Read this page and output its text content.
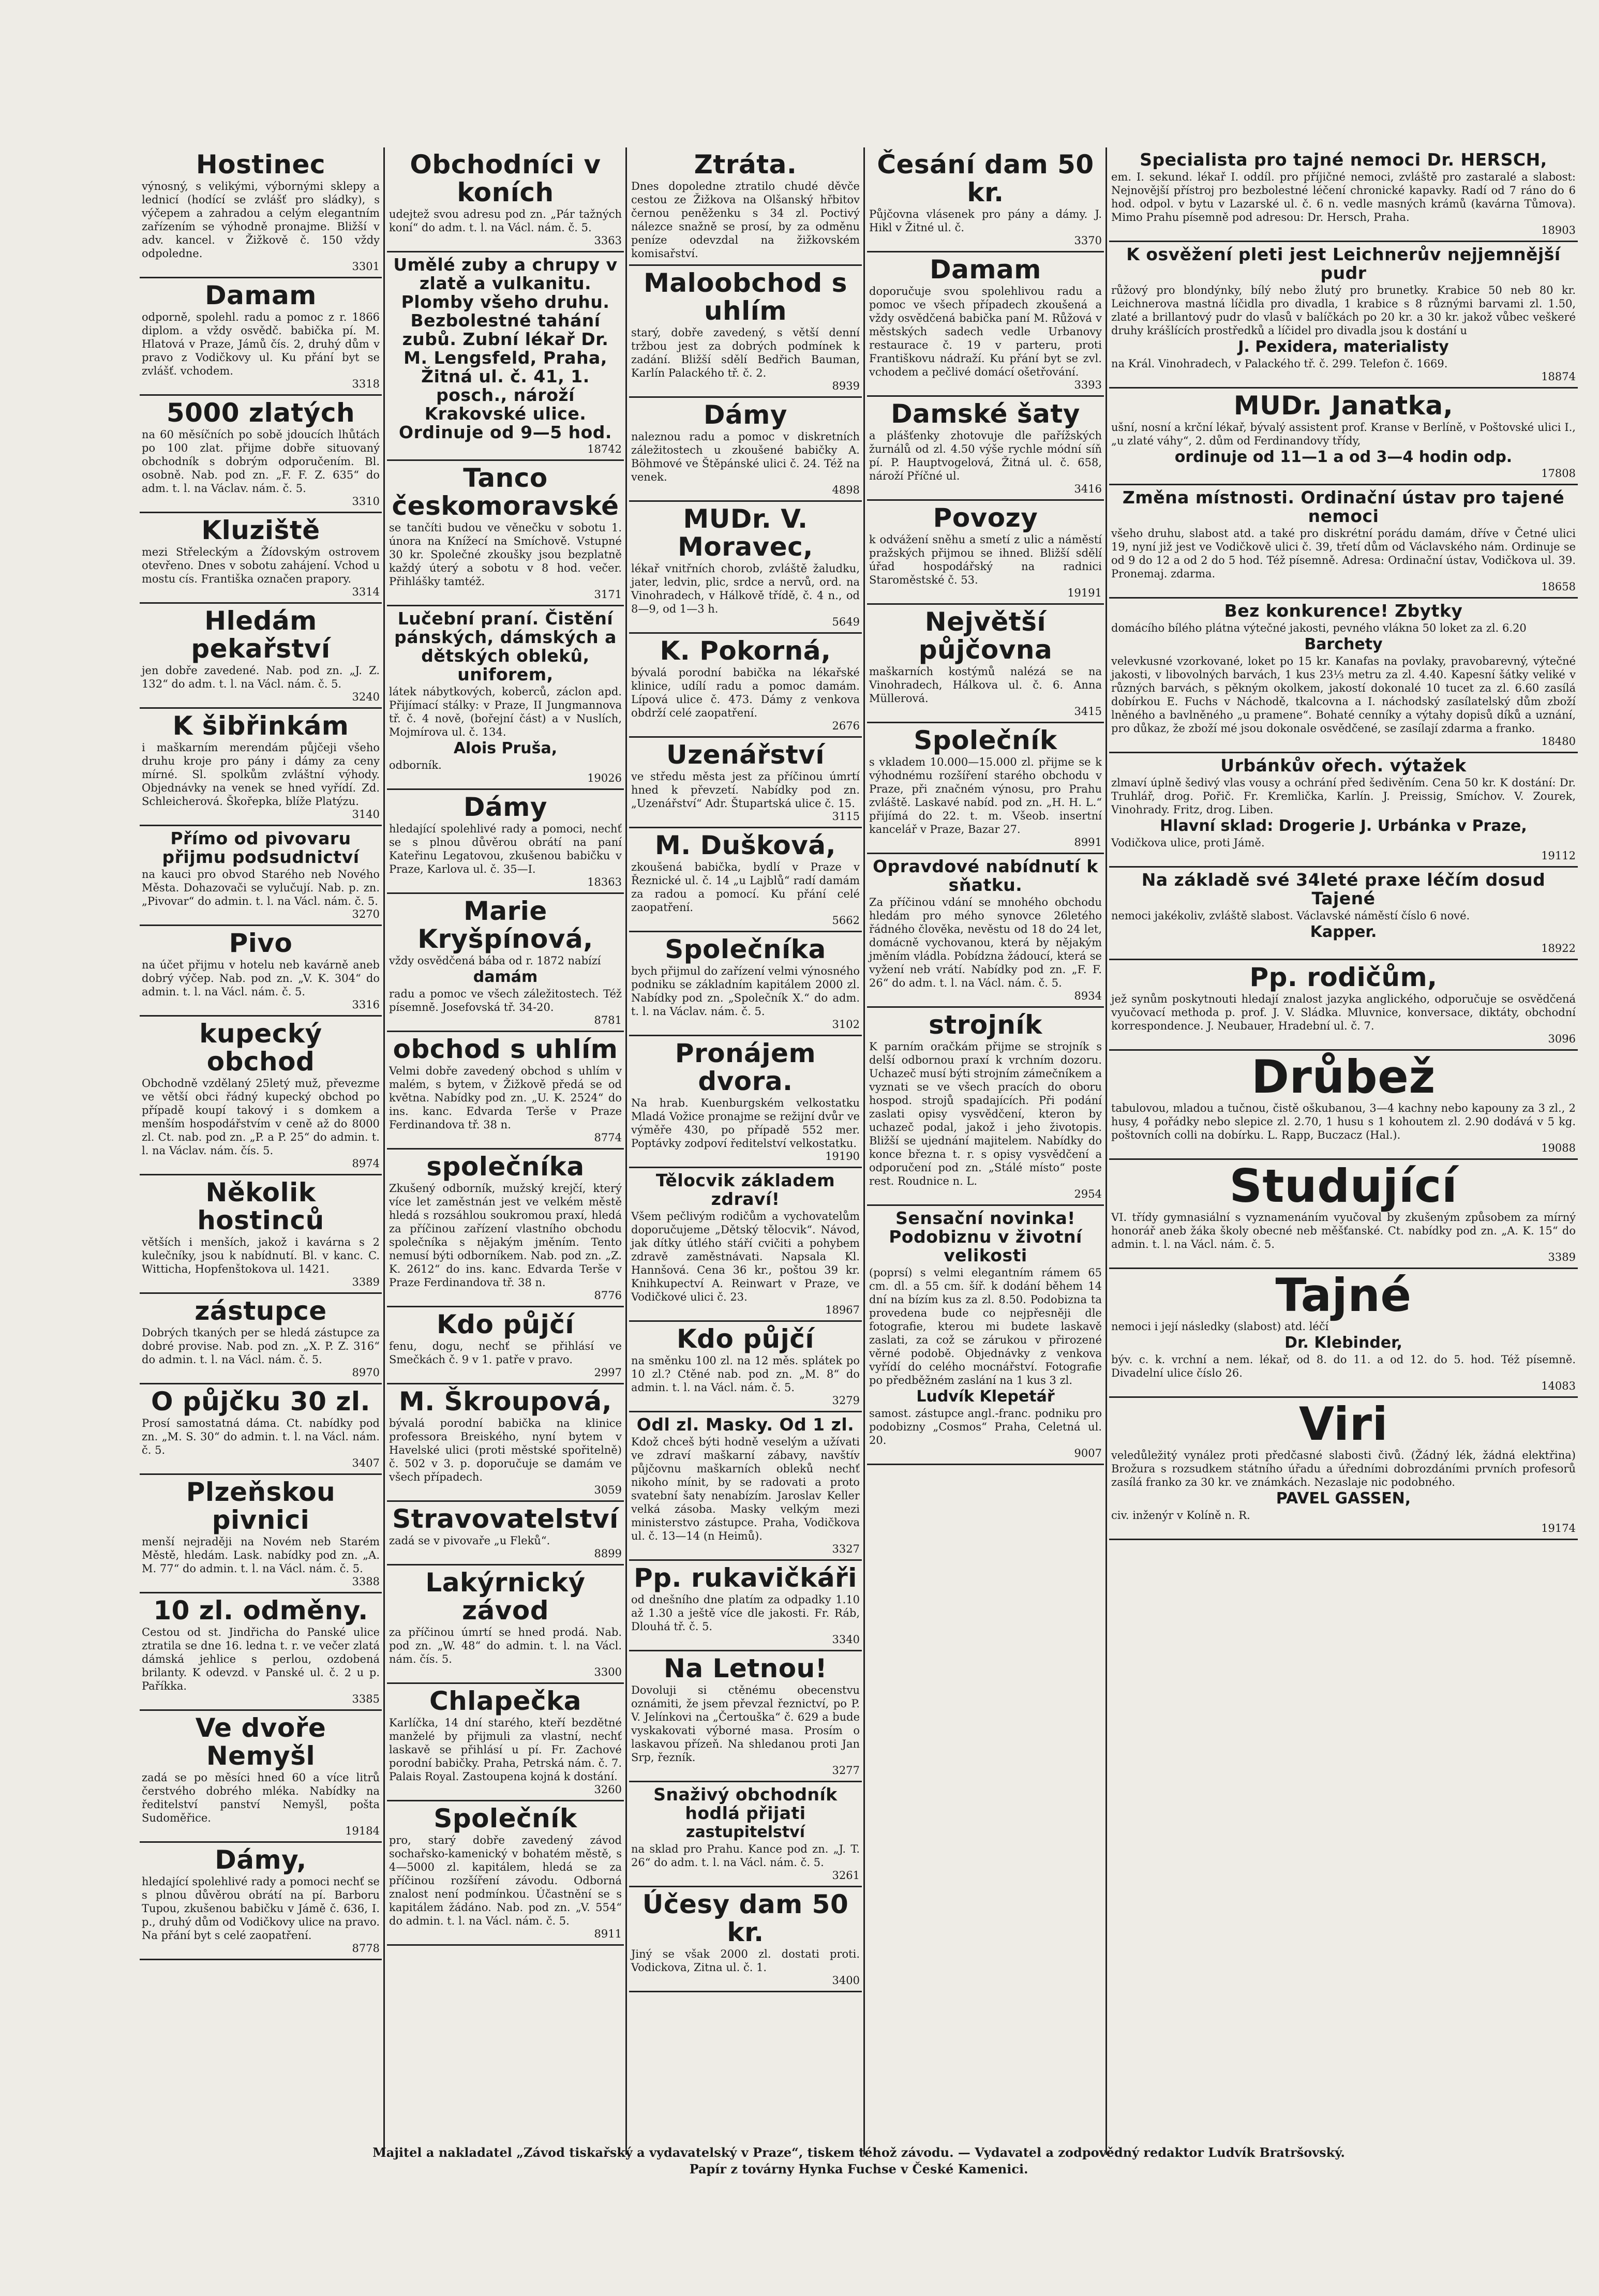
Hostinec

výnosný, s velikými, výbornými sklepy a lednicí (hodící se zvlášť pro sládky), s výčepem a zahradou a celým elegantním zařízením se výhodně pronajme. Bližší v adv. kancel. v Žižkově č. 150 vždy odpoledne.

3301
Damam

odporně, spolehl. radu a pomoc z r. 1866 diplom. a vždy osvědč. babička pí. M. Hlatová v Praze, Jámů čís. 2, druhý dům v pravo z Vodičkovy ul. Ku přání byt se zvlášť. vchodem.

3318
5000 zlatých

na 60 měsíčních po sobě jdoucích lhůtách po 100 zlat. přijme dobře situovaný obchodník s dobrým odporučením. Bl. osobně. Nab. pod zn. „F. F. Z. 635“ do adm. t. l. na Václav. nám. č. 5.

3310
Kluziště

mezi Střeleckým a Žídovským ostrovem otevřeno. Dnes v sobotu zahájení. Vchod u mostu cís. Františka označen prapory.

3314
Hledám pekařství

jen dobře zavedené. Nab. pod zn. „J. Z. 132“ do adm. t. l. na Václ. nám. č. 5.

3240
K šibřinkám

i maškarním merendám půjčeji všeho druhu kroje pro pány i dámy za ceny mírné. Sl. spolkům zvláštní výhody. Objednávky na venek se hned vyřídí. Zd. Schleicherová. Škořepka, blíže Platýzu.

3140
Přímo od pivovaru přijmu podsudnictví

na kauci pro obvod Starého neb Nového Města. Dohazovači se vylučují. Nab. p. zn. „Pivovar“ do admin. t. l. na Václ. nám. č. 5.

3270
Pivo

na účet přijmu v hotelu neb kavárně aneb dobrý výčep. Nab. pod zn. „V. K. 304“ do admin. t. l. na Václ. nám. č. 5.

3316
kupecký obchod

Obchodně vzdělaný 25letý muž, převezme ve větší obci řádný kupecký obchod po případě koupí takový i s domkem a menším hospodářstvím v ceně až do 8000 zl. Ct. nab. pod zn. „P. a P. 25“ do admin. t. l. na Václav. nám. čís. 5.

8974
Několik hostinců

větších i menších, jakož i kavárna s 2 kulečníky, jsou k nabídnutí. Bl. v kanc. C. Witticha, Hopfenštokova ul. 1421.

3389
zástupce

Dobrých tkaných per se hledá zástupce za dobré provise. Nab. pod zn. „X. P. Z. 316“ do admin. t. l. na Václ. nám. č. 5.

8970
O půjčku 30 zl.

Prosí samostatná dáma. Ct. nabídky pod zn. „M. S. 30“ do admin. t. l. na Václ. nám. č. 5.

3407
Plzeňskou pivnici

menší nejraději na Novém neb Starém Městě, hledám. Lask. nabídky pod zn. „A. M. 77“ do admin. t. l. na Václ. nám. č. 5.

3388
10 zl. odměny.

Cestou od st. Jindřicha do Panské ulice ztratila se dne 16. ledna t. r. ve večer zlatá dámská jehlice s perlou, ozdobená brilanty. K odevzd. v Panské ul. č. 2 u p. Paříkka.

3385
Ve dvoře Nemyšl

zadá se po měsíci hned 60 a více litrů čerstvého dobrého mléka. Nabídky na ředitelství panství Nemyšl, pošta Sudoměřice.

19184
Dámy,

hledající spolehlivé rady a pomoci nechť se s plnou důvěrou obrátí na pí. Barboru Tupou, zkušenou babičku v Jámě č. 636, I. p., druhý dům od Vodičkovy ulice na pravo. Na přání byt s celé zaopatření.

8778
Obchodníci v koních

udejtež svou adresu pod zn. „Pár tažných koní“ do adm. t. l. na Václ. nám. č. 5.

3363
Umělé zuby a chrupy v zlatě a vulkanitu. Plomby všeho druhu. Bezbolestné tahání zubů. Zubní lékař Dr. M. Lengsfeld, Praha, Žitná ul. č. 41, 1. posch., nároží Krakovské ulice. Ordinuje od 9—5 hod.
18742
Tanco českomoravské

se tančíti budou ve věnečku v sobotu 1. února na Knížecí na Smíchově. Vstupné 30 kr. Společné zkoušky jsou bezplatně každý úterý a sobotu v 8 hod. večer. Přihlášky tamtéž.

3171
Lučební praní. Čistění pánských, dámských a dětských oblekû, uniforem,

látek nábytkových, koberců, záclon apd. Přijímací stálky: v Praze, II Jungmannova tř. č. 4 nově, (bořejní část) a v Nuslích, Mojmírova ul. č. 134.

Alois Pruša,

odborník.

19026
Dámy

hledající spolehlivé rady a pomoci, nechť se s plnou důvěrou obrátí na paní Kateřinu Legatovou, zkušenou babičku v Praze, Karlova ul. č. 35—I.

18363
Marie Kryšpínová,

vždy osvědčená bába od r. 1872 nabízí

damám

radu a pomoc ve všech záležitostech. Též písemně. Josefovská tř. 34-20.

8781
obchod s uhlím

Velmi dobře zavedený obchod s uhlím v malém, s bytem, v Žižkově předá se od května. Nabídky pod zn. „U. K. 2524“ do ins. kanc. Edvarda Terše v Praze Ferdinandova tř. 38 n.

8774
společníka

Zkušený odborník, mužský krejčí, který více let zaměstnán jest ve velkém městě hledá s rozsáhlou soukromou praxí, hledá za příčinou zařízení vlastního obchodu společníka s nějakým jměním. Tento nemusí býti odborníkem. Nab. pod zn. „Z. K. 2612“ do ins. kanc. Edvarda Terše v Praze Ferdinandova tř. 38 n.

8776
Kdo půjčí

fenu, dogu, nechť se přihlásí ve Smečkách č. 9 v 1. patře v pravo.

2997
M. Škroupová,

bývalá porodní babička na klinice professora Breiského, nyní bytem v Havelské ulici (proti městské spořitelně) č. 502 v 3. p. doporučuje se damám ve všech případech.

3059
Stravovatelství

zadá se v pivovaře „u Fleků“.

8899
Lakýrnický závod

za příčinou úmrtí se hned prodá. Nab. pod zn. „W. 48“ do admin. t. l. na Václ. nám. čís. 5.

3300
Chlapečka

Karlíčka, 14 dní starého, kteří bezdětné manželé by přijmuli za vlastní, nechť laskavě se přihlásí u pí. Fr. Zachové porodní babičky. Praha, Petrská nám. č. 7. Palais Royal. Zastoupena kojná k dostání.

3260
Společník

pro, starý dobře zavedený závod sochařsko-kamenický v bohatém městě, s 4—5000 zl. kapitálem, hledá se za příčinou rozšíření závodu. Odborná znalost není podmínkou. Účastnění se s kapitálem žádáno. Nab. pod zn. „V. 554“ do admin. t. l. na Václ. nám. č. 5.

8911
Ztráta.

Dnes dopoledne ztratilo chudé děvče cestou ze Žižkova na Olšanský hřbitov černou peněženku s 34 zl. Poctivý nálezce snažně se prosí, by za odměnu peníze odevzdal na žižkovském komisařství.

Maloobchod s uhlím

starý, dobře zavedený, s větší denní tržbou jest za dobrých podmínek k zadání. Bližší sdělí Bedřich Bauman, Karlín Palackého tř. č. 2.

8939
Dámy

naleznou radu a pomoc v diskretních záležitostech u zkoušené babičky A. Böhmové ve Štěpánské ulici č. 24. Též na venek.

4898
MUDr. V. Moravec,

lékař vnitřních chorob, zvláště žaludku, jater, ledvin, plic, srdce a nervů, ord. na Vinohradech, v Hálkově třídě, č. 4 n., od 8—9, od 1—3 h.

5649
K. Pokorná,

bývalá porodní babička na lékařské klinice, udílí radu a pomoc damám. Lípová ulice č. 473. Dámy z venkova obdrží celé zaopatření.

2676
Uzenářství

ve středu města jest za příčinou úmrtí hned k převzetí. Nabídky pod zn. „Uzenářství“ Adr. Štupartská ulice č. 15.

3115
M. Dušková,

zkoušená babička, bydlí v Praze v Řeznické ul. č. 14 „u Lajblů“ radí damám za radou a pomocí. Ku přání celé zaopatření.

5662
Společníka

bych přijmul do zařízení velmi výnosného podniku se základním kapitálem 2000 zl. Nabídky pod zn. „Společník X.“ do adm. t. l. na Václav. nám. č. 5.

3102
Pronájem dvora.

Na hrab. Kuenburgském velkostatku Mladá Vožice pronajme se režijní dvůr ve výměře 430, po případě 552 mer. Poptávky zodpoví ředitelství velkostatku.

19190
Tělocvik základem zdraví!

Všem pečlivým rodičům a vychovatelům doporučujeme „Dětský tělocvik“. Návod, jak dítky útlého stáří cvičiti a pohybem zdravě zaměstnávati. Napsala Kl. Hannšová. Cena 36 kr., poštou 39 kr. Knihkupectví A. Reinwart v Praze, ve Vodičkové ulici č. 23.

18967
Kdo půjčí

na směnku 100 zl. na 12 měs. splátek po 10 zl.? Ctěné nab. pod zn. „M. 8“ do admin. t. l. na Václ. nám. č. 5.

3279
Odl zl. Masky. Od 1 zl.

Kdož chceš býti hodně veselým a užívati ve zdraví maškarní zábavy, navštív půjčovnu maškarních obleků nechť nikoho mínit, by se radovati a proto svatební šaty nenabízím. Jaroslav Keller velká zásoba. Masky velkým mezi ministerstvo zástupce. Praha, Vodičkova ul. č. 13—14 (n Heimů).

3327
Pp. rukavičkáři

od dnešního dne platím za odpadky 1.10 až 1.30 a ještě více dle jakosti. Fr. Ráb, Dlouhá tř. č. 5.

3340
Na Letnou!

Dovoluji si ctěnému obecenstvu oznámiti, že jsem převzal řeznictví, po P. V. Jelínkovi na „Čertouška“ č. 629 a bude vyskakovati výborné masa. Prosím o laskavou přízeň. Na shledanou proti Jan Srp, řezník.

3277
Snaživý obchodník hodlá přijati
zastupitelství

na sklad pro Prahu. Kance pod zn. „J. T. 26“ do adm. t. l. na Václ. nám. č. 5.

3261
Účesy dam 50 kr.

Jiný se však 2000 zl. dostati proti. Vodickova, Zitna ul. č. 1.

3400
Česání dam 50 kr.

Půjčovna vlásenek pro pány a dámy. J. Hikl v Žitné ul. č.

3370
Damam

doporučuje svou spolehlivou radu a pomoc ve všech případech zkoušená a vždy osvědčená babička paní M. Růžová v městských sadech vedle Urbanovy restaurace č. 19 v parteru, proti Františkovu nádraží. Ku přání byt se zvl. vchodem a pečlivé domácí ošetřování.

3393
Damské šaty

a plášťenky zhotovuje dle pařížských žurnálů od zl. 4.50 výše rychle módní síň pí. P. Hauptvogelová, Žitná ul. č. 658, nároží Příčné ul.

3416
Povozy

k odvážení sněhu a smetí z ulic a náměstí pražských přijmou se ihned. Bližší sdělí úřad hospodářský na radnici Staroměstské č. 53.

19191
Největší půjčovna

maškarních kostýmů nalézá se na Vinohradech, Hálkova ul. č. 6. Anna Müllerová.

3415
Společník

s vkladem 10.000—15.000 zl. přijme se k výhodnému rozšíření starého obchodu v Praze, při značném výnosu, pro Prahu zvláště. Laskavé nabíd. pod zn. „H. H. L.“ přijímá do 22. t. m. Všeob. insertní kancelář v Praze, Bazar 27.

8991
Opravdové nabídnutí k sňatku.

Za příčinou vdání se mnohého obchodu hledám pro mého synovce 26letého řádného člověka, nevěstu od 18 do 24 let, domácně vychovanou, která by nějakým jměním vládla. Pobídzna žádoucí, která se vyžení neb vrátí. Nabídky pod zn. „F. F. 26“ do adm. t. l. na Václ. nám. č. 5.

8934
strojník

K parním oračkám přijme se strojník s delší odbornou praxí k vrchním dozoru. Uchazeč musí býti strojním zámečníkem a vyznati se ve všech pracích do oboru hospod. strojů spadajících. Při podání zaslati opisy vysvědčení, kteron by uchazeč podal, jakož i jeho životopis. Bližší se ujednání majitelem. Nabídky do konce března t. r. s opisy vysvědčení a odporučení pod zn. „Stálé místo“ poste rest. Roudnice n. L.

2954
Sensační novinka! Podobiznu v životní velikosti

(poprsí) s velmi elegantním rámem 65 cm. dl. a 55 cm. šíř. k dodání během 14 dní na bízím kus za zl. 8.50. Podobizna ta provedena bude co nejpřesněji dle fotografie, kterou mi budete laskavě zaslati, za což se zárukou v přirozené věrné podobě. Objednávky z venkova vyřídí do celého mocnářství. Fotografie po předběžném zaslání na 1 kus 3 zl.

Ludvík Klepetář

samost. zástupce angl.-franc. podniku pro podobizny „Cosmos“ Praha, Celetná ul. 20.

9007
Specialista pro tajné nemoci Dr. HERSCH,

em. I. sekund. lékař I. oddíl. pro příjičné nemoci, zvláště pro zastaralé a slabost: Nejnovější přístroj pro bezbolestné léčení chronické kapavky. Radí od 7 ráno do 6 hod. odpol. v bytu v Lazarské ul. č. 6 n. vedle masných krámů (kavárna Tůmova). Mimo Prahu písemně pod adresou: Dr. Hersch, Praha.

18903
K osvěžení pleti jest Leichnerův nejjemnější pudr

růžový pro blondýnky, bílý nebo žlutý pro brunetky. Krabice 50 neb 80 kr. Leichnerova mastná líčidla pro divadla, 1 krabice s 8 různými barvami zl. 1.50, zlaté a brillantový pudr do vlasů v balíčkách po 20 kr. a 30 kr. jakož vůbec veškeré druhy krášlících prostředků a líčidel pro divadla jsou k dostání u

J. Pexidera, materialisty

na Král. Vinohradech, v Palackého tř. č. 299. Telefon č. 1669.

18874
MUDr. Janatka,

ušní, nosní a krční lékař, bývalý assistent prof. Kranse v Berlíně, v Poštovské ulici I., „u zlaté váhy“, 2. dům od Ferdinandovy třídy,

ordinuje od 11—1 a od 3—4 hodin odp.
17808
Změna místnosti. Ordinační ústav pro tajené nemoci

všeho druhu, slabost atd. a také pro diskrétní porádu damám, dříve v Četné ulici 19, nyní již jest ve Vodičkově ulici č. 39, třetí dům od Václavského nám. Ordinuje se od 9 do 12 a od 2 do 5 hod. Též písemně. Adresa: Ordinační ústav, Vodičkova ul. 39. Pronemaj. zdarma.

18658
Bez konkurence! Zbytky

domácího bílého plátna výtečné jakosti, pevného vlákna 50 loket za zl. 6.20

Barchety

velevkusné vzorkované, loket po 15 kr. Kanafas na povlaky, pravobarevný, výtečné jakosti, v libovolných barvách, 1 kus 23⅓ metru za zl. 4.40. Kapesní šátky veliké v různých barvách, s pěkným okolkem, jakostí dokonalé 10 tucet za zl. 6.60 zasílá dobírkou E. Fuchs v Náchodě, tkalcovna a I. náchodský zasílatelský dům zboží lněného a bavlněného „u pramene“. Bohaté cenníky a výtahy dopisů díků a uznání, pro důkaz, že zboží mé jsou dokonale osvědčené, se zasílají zdarma a franko.

18480
Urbánkův ořech. výtažek

zlmaví úplně šedivý vlas vousy a ochrání před šedivěním. Cena 50 kr. K dostání: Dr. Truhlář, drog. Pořič. Fr. Kremlička, Karlín. J. Preissig, Smíchov. V. Zourek, Vinohrady. Fritz, drog. Liben.

Hlavní sklad: Drogerie J. Urbánka v Praze,

Vodičkova ulice, proti Jámě.

19112
Na základě své 34leté praxe léčím dosud Tajené

nemoci jakékoliv, zvláště slabost. Václavské náměstí číslo 6 nové.

Kapper.
18922
Pp. rodičům,

jež synům poskytnouti hledají znalost jazyka anglického, odporučuje se osvědčená vyučovací methoda p. prof. J. V. Sládka. Mluvnice, konversace, diktáty, obchodní korrespondence. J. Neubauer, Hradební ul. č. 7.

3096
Drůbež

tabulovou, mladou a tučnou, čistě oškubanou, 3—4 kachny nebo kapouny za 3 zl., 2 husy, 4 pořádky nebo slepice zl. 2.70, 1 husu s 1 kohoutem zl. 2.90 dodává v 5 kg. poštovních colli na dobírku. L. Rapp, Buczacz (Hal.).

19088
Studující

VI. třídy gymnasiální s vyznamenáním vyučoval by zkušeným způsobem za mírný honorář aneb žáka školy obecné neb měšťanské. Ct. nabídky pod zn. „A. K. 15“ do admin. t. l. na Václ. nám. č. 5.

3389
Tajné

nemoci i její následky (slabost) atd. léčí

Dr. Klebinder,

býv. c. k. vrchní a nem. lékař, od 8. do 11. a od 12. do 5. hod. Též písemně. Divadelní ulice číslo 26.

14083
Viri

veledůležitý vynález proti předčasné slabosti čivů. (Žádný lék, žádná elektřina) Brožura s rozsudkem státního úřadu a úředními dobrozdáními prvních profesorů zasílá franko za 30 kr. ve známkách. Nezaslaje nic podobného.

PAVEL GASSEN,

civ. inženýr v Kolíně n. R.

19174
Majitel a nakladatel „Závod tiskařský a vydavatelský v Praze“, tiskem téhož závodu. — Vydavatel a zodpovědný redaktor Ludvík Bratršovský.
Papír z továrny Hynka Fuchse v České Kamenici.
